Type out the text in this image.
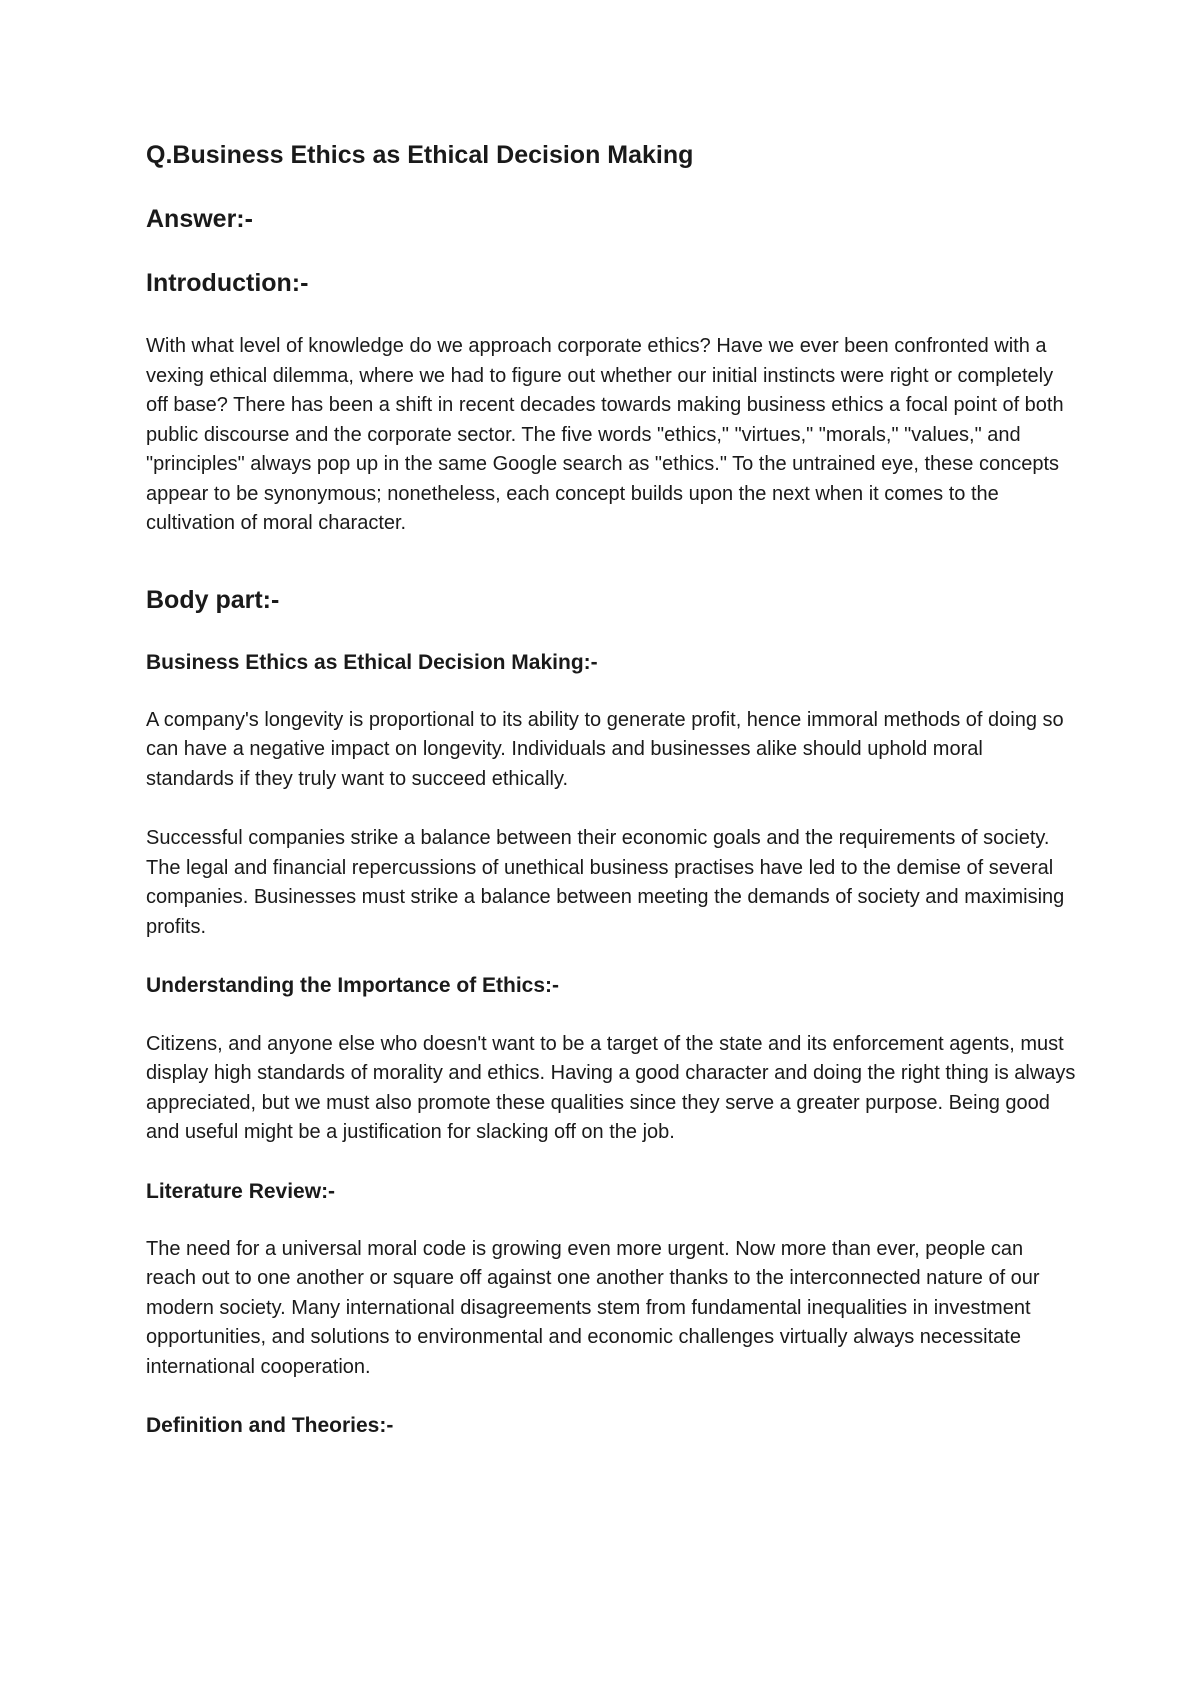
Q.Business Ethics as Ethical Decision Making
Answer:-
Introduction:-

With what level of knowledge do we approach corporate ethics? Have we ever been confronted with a vexing ethical dilemma, where we had to figure out whether our initial instincts were right or completely off base? There has been a shift in recent decades towards making business ethics a focal point of both public discourse and the corporate sector. The five words "ethics," "virtues," "morals," "values," and "principles" always pop up in the same Google search as "ethics." To the untrained eye, these concepts appear to be synonymous; nonetheless, each concept builds upon the next when it comes to the cultivation of moral character.

Body part:-
Business Ethics as Ethical Decision Making:-

A company's longevity is proportional to its ability to generate profit, hence immoral methods of doing so can have a negative impact on longevity. Individuals and businesses alike should uphold moral standards if they truly want to succeed ethically.

Successful companies strike a balance between their economic goals and the requirements of society. The legal and financial repercussions of unethical business practises have led to the demise of several companies. Businesses must strike a balance between meeting the demands of society and maximising profits.

Understanding the Importance of Ethics:-

Citizens, and anyone else who doesn't want to be a target of the state and its enforcement agents, must display high standards of morality and ethics. Having a good character and doing the right thing is always appreciated, but we must also promote these qualities since they serve a greater purpose. Being good and useful might be a justification for slacking off on the job.

Literature Review:-

The need for a universal moral code is growing even more urgent. Now more than ever, people can reach out to one another or square off against one another thanks to the interconnected nature of our modern society. Many international disagreements stem from fundamental inequalities in investment opportunities, and solutions to environmental and economic challenges virtually always necessitate international cooperation.

Definition and Theories:-
